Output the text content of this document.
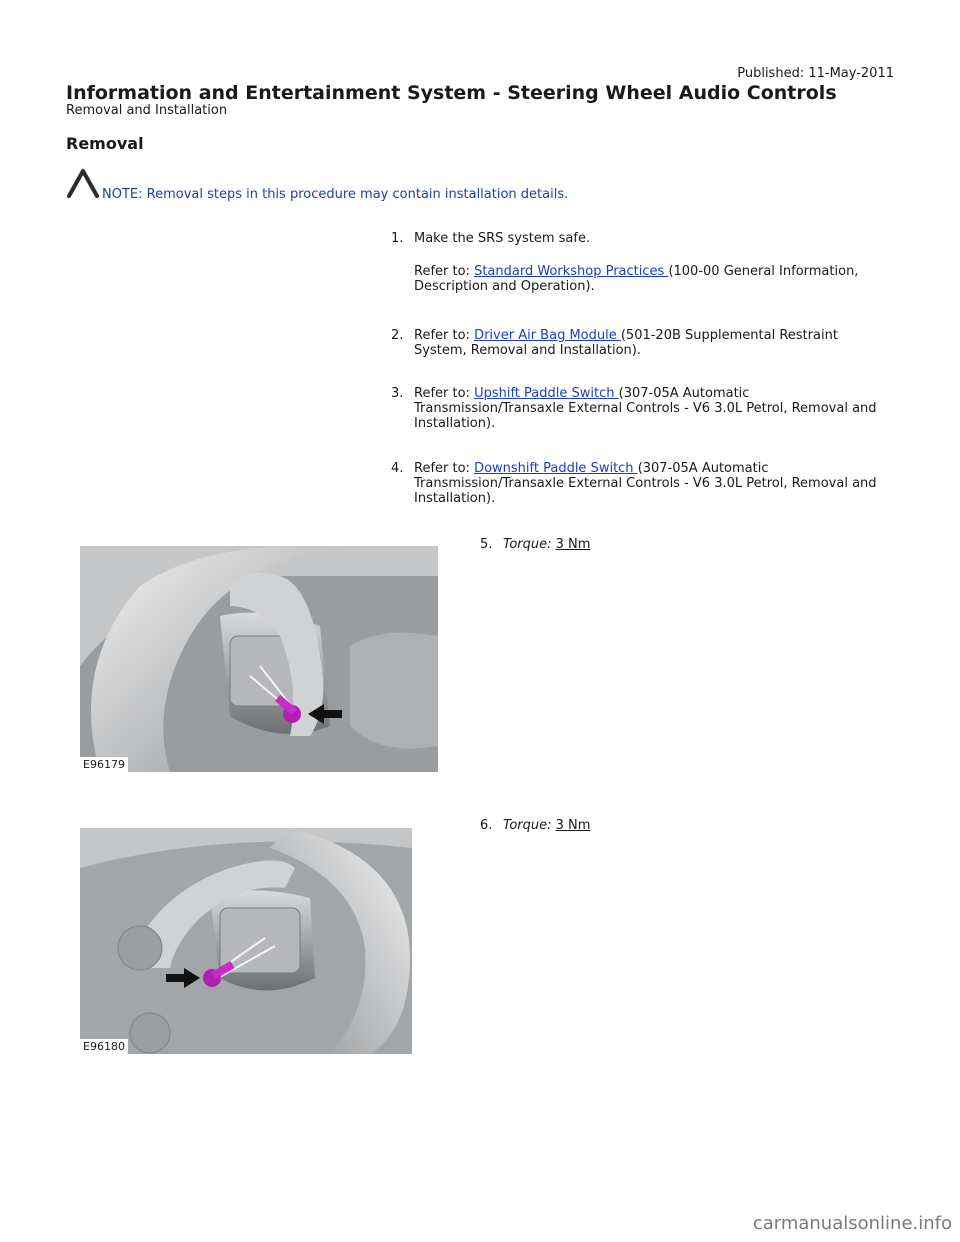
Published: 11-May-2011
Information and Entertainment System - Steering Wheel Audio Controls
Removal and Installation
Removal
NOTE: Removal steps in this procedure may contain installation details.
1. Make the SRS system safe.

Refer to: Standard Workshop Practices (100-00 General Information, Description and Operation).

2. Refer to: Driver Air Bag Module (501-20B Supplemental Restraint System, Removal and Installation).

3. Refer to: Upshift Paddle Switch (307-05A Automatic Transmission/Transaxle External Controls - V6 3.0L Petrol, Removal and Installation).

4. Refer to: Downshift Paddle Switch (307-05A Automatic Transmission/Transaxle External Controls - V6 3.0L Petrol, Removal and Installation).

E96179
5. Torque: 3 Nm
E96180
6. Torque: 3 Nm
carmanualsonline.info
